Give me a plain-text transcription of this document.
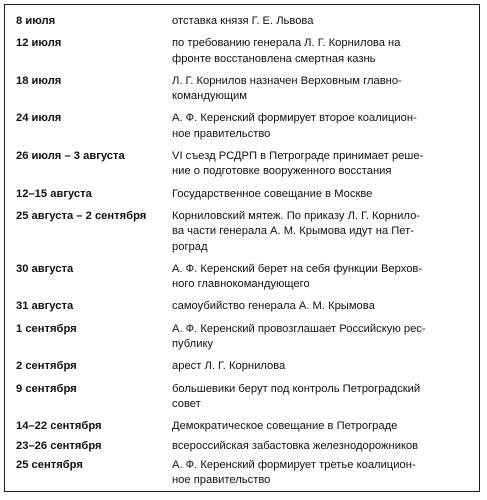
8 июля	отставка князя Г. Е. Львова
12 июля	по требованию генерала Л. Г. Корнилова на
фронте восстановлена смертная казнь
18 июля	Л. Г. Корнилов назначен Верховным главно-
командующим
24 июля	А. Ф. Керенский формирует второе коалицион-
ное правительство
26 июля – 3 августа	VI съезд РСДРП в Петрограде принимает реше-
ние о подготовке вооруженного восстания
12–15 августа	Государственное совещание в Москве
25 августа – 2 сентября	Корниловский мятеж. По приказу Л. Г. Корнило-
ва части генерала А. М. Крымова идут на Пет-
роград
30 августа	А. Ф. Керенский берет на себя функции Верхов-
ного главнокомандующего
31 августа	самоубийство генерала А. М. Крымова
1 сентября	А. Ф. Керенский провозглашает Российскую рес-
публику
2 сентября	арест Л. Г. Корнилова
9 сентября	большевики берут под контроль Петроградский
совет
14–22 сентября	Демократическое совещание в Петрограде
23–26 сентября	всероссийская забастовка железнодорожников
25 сентября	А. Ф. Керенский формирует третье коалицион-
ное правительство
